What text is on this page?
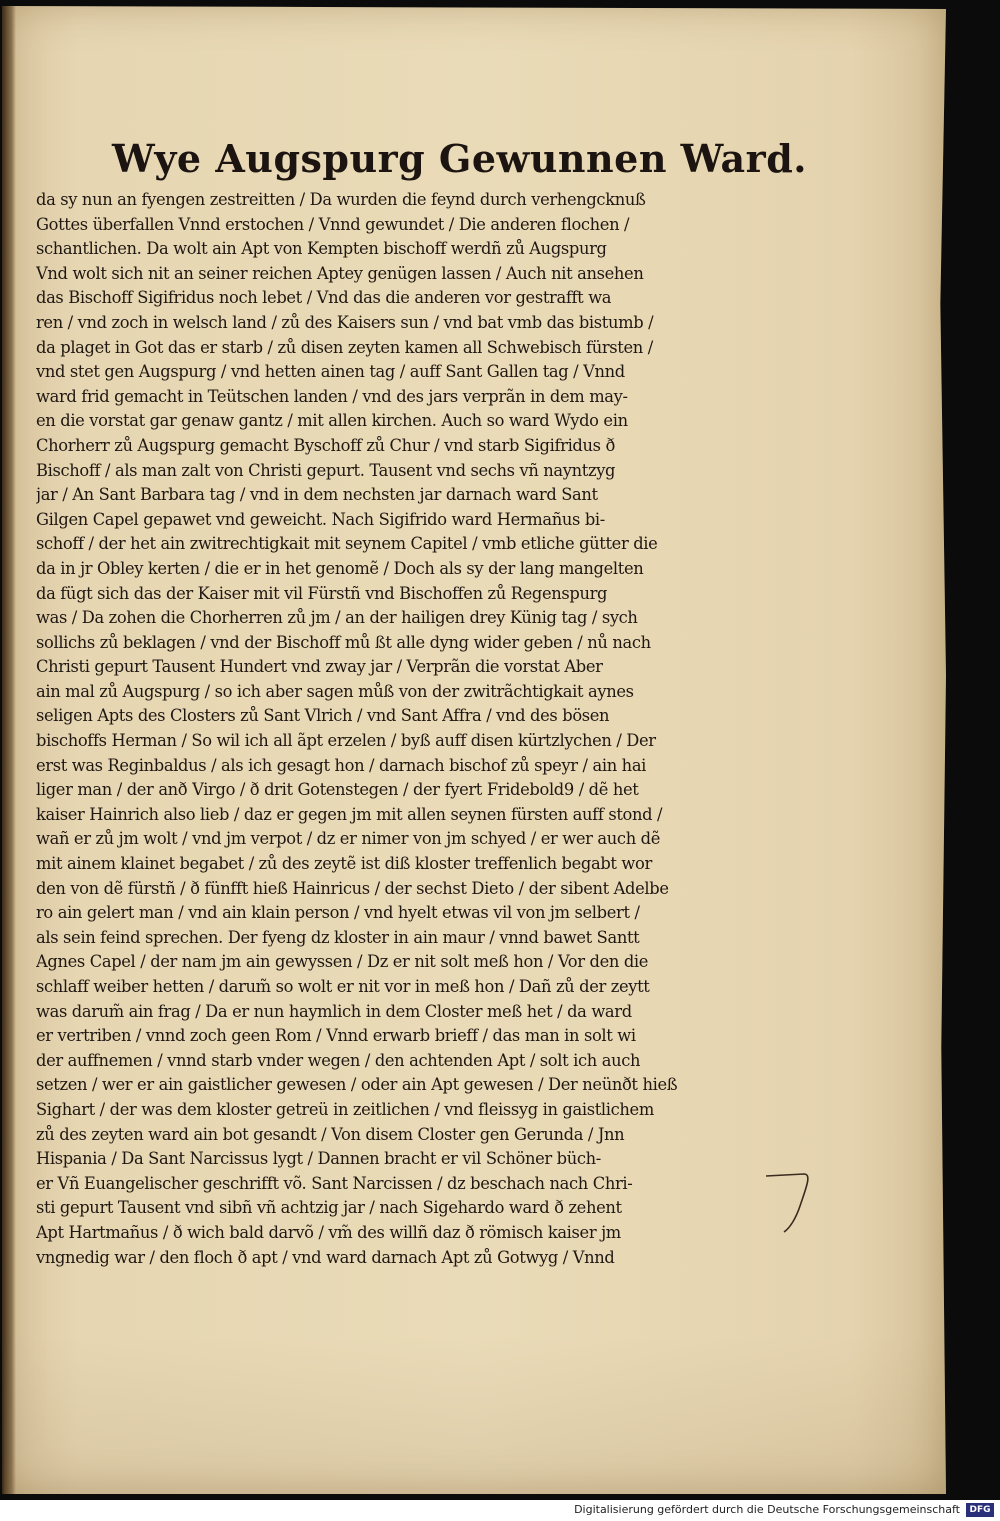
Wye Augspurg Gewunnen Ward.
da sy nun an fyengen zestreitten / Da wurden die feynd durch verhengcknuß
Gottes überfallen Vnnd erstochen / Vnnd gewundet / Die anderen flochen /
schantlichen. Da wolt ain Apt von Kempten bischoff werdñ zů Augspurg
Vnd wolt sich nit an seiner reichen Aptey genügen lassen / Auch nit ansehen
das Bischoff Sigifridus noch lebet / Vnd das die anderen vor gestrafft wa
ren / vnd zoch in welsch land / zů des Kaisers sun / vnd bat vmb das bistumb /
da plaget in Got das er starb / zů disen zeyten kamen all Schwebisch fürsten /
vnd stet gen Augspurg / vnd hetten ainen tag / auff Sant Gallen tag / Vnnd
ward frid gemacht in Teütschen landen / vnd des jars verprãn in dem may-
en die vorstat gar genaw gantz / mit allen kirchen. Auch so ward Wydo ein
Chorherr zů Augspurg gemacht Byschoff zů Chur / vnd starb Sigifridus ð
Bischoff / als man zalt von Christi gepurt. Tausent vnd sechs vñ nayntzyg
jar / An Sant Barbara tag / vnd in dem nechsten jar darnach ward Sant
Gilgen Capel gepawet vnd geweicht. Nach Sigifrido ward Hermañus bi-
schoff / der het ain zwitrechtigkait mit seynem Capitel / vmb etliche gütter die
da in jr Obley kerten / die er in het genomẽ / Doch als sy der lang mangelten
da fügt sich das der Kaiser mit vil Fürstñ vnd Bischoffen zů Regenspurg
was / Da zohen die Chorherren zů jm / an der hailigen drey Künig tag / sych
sollichs zů beklagen / vnd der Bischoff mů ßt alle dyng wider geben / nů nach
Christi gepurt Tausent Hundert vnd zway jar / Verprãn die vorstat Aber
ain mal zů Augspurg / so ich aber sagen můß von der zwitrãchtigkait aynes
seligen Apts des Closters zů Sant Vlrich / vnd Sant Affra / vnd des bösen
bischoffs Herman / So wil ich all ãpt erzelen / byß auff disen kürtzlychen / Der
erst was Reginbaldus / als ich gesagt hon / darnach bischof zů speyr / ain hai
liger man / der anð Virgo / ð drit Gotenstegen / der fyert Fridebold9 / dẽ het
kaiser Hainrich also lieb / daz er gegen jm mit allen seynen fürsten auff stond /
wañ er zů jm wolt / vnd jm verpot / dz er nimer von jm schyed / er wer auch dẽ
mit ainem klainet begabet / zů des zeytẽ ist diß kloster treffenlich begabt wor
den von dẽ fürstñ / ð fünfft hieß Hainricus / der sechst Dieto / der sibent Adelbe
ro ain gelert man / vnd ain klain person / vnd hyelt etwas vil von jm selbert /
als sein feind sprechen. Der fyeng dz kloster in ain maur / vnnd bawet Santt
Agnes Capel / der nam jm ain gewyssen / Dz er nit solt meß hon / Vor den die
schlaff weiber hetten / darum̃ so wolt er nit vor in meß hon / Dañ zů der zeytt
was darum̃ ain frag / Da er nun haymlich in dem Closter meß het / da ward
er vertriben / vnnd zoch geen Rom / Vnnd erwarb brieff / das man in solt wi
der auffnemen / vnnd starb vnder wegen / den achtenden Apt / solt ich auch
setzen / wer er ain gaistlicher gewesen / oder ain Apt gewesen / Der neünðt hieß
Sighart / der was dem kloster getreü in zeitlichen / vnd fleissyg in gaistlichem
zů des zeyten ward ain bot gesandt / Von disem Closter gen Gerunda / Jnn
Hispania / Da Sant Narcissus lygt / Dannen bracht er vil Schöner büch-
er Vñ Euangelischer geschrifft võ. Sant Narcissen / dz beschach nach Chri-
sti gepurt Tausent vnd sibñ vñ achtzig jar / nach Sigehardo ward ð zehent
Apt Hartmañus / ð wich bald darvõ / vm̃ des willñ daz ð römisch kaiser jm
vngnedig war / den floch ð apt / vnd ward darnach Apt zů Gotwyg / Vnnd
Digitalisierung gefördert durch die Deutsche Forschungsgemeinschaft	DFG
